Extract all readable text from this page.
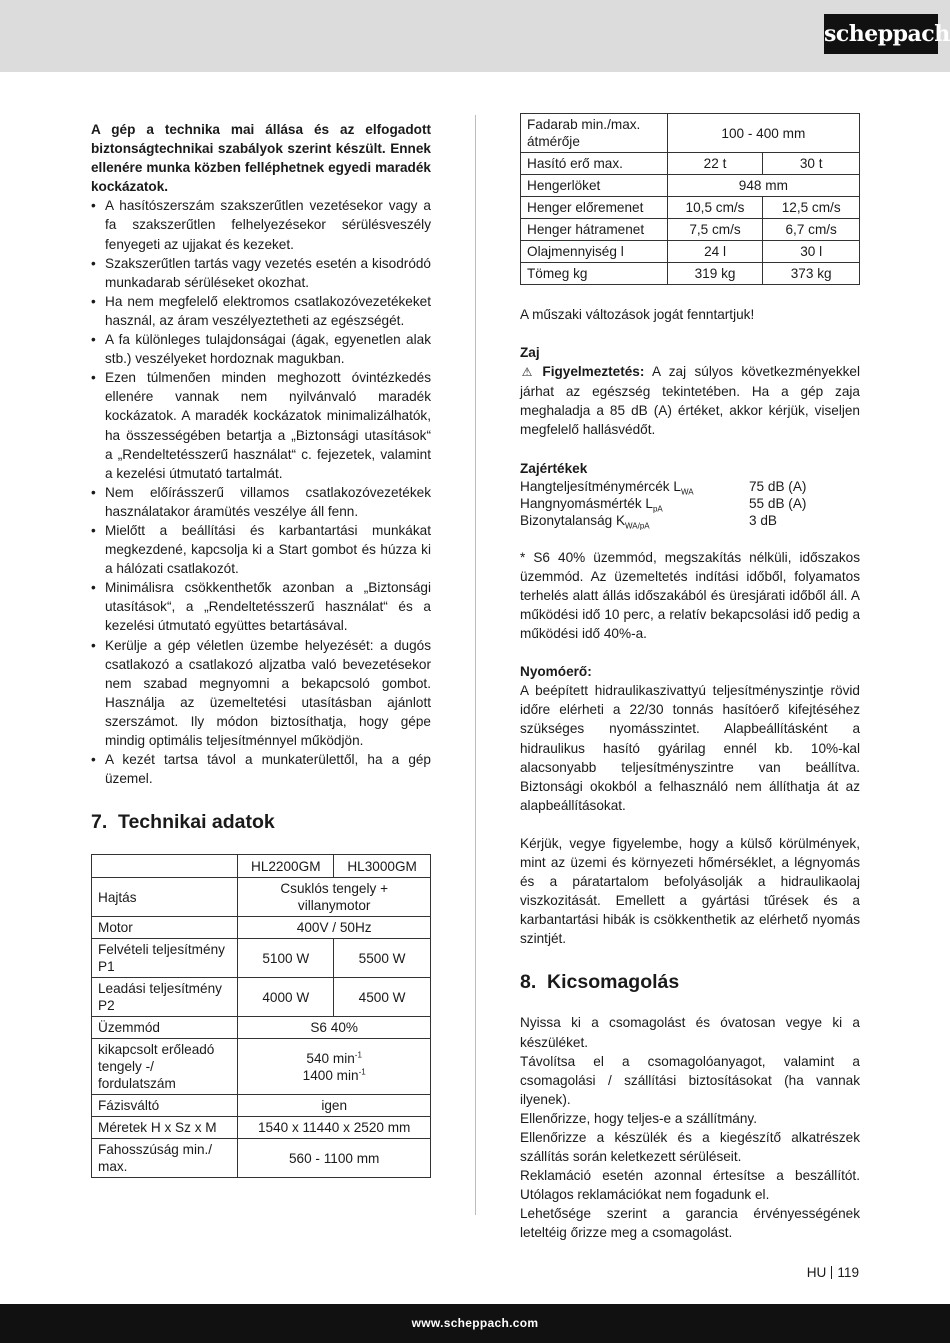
scheppach

A gép a technika mai állása és az elfogadott biztonságtechnikai szabályok szerint készült. Ennek ellenére munka közben felléphetnek egyedi maradék kockázatok.

• A hasítószerszám szakszerűtlen vezetésekor vagy a fa szakszerűtlen felhelyezésekor sérülésveszély fenyegeti az ujjakat és kezeket.
• Szakszerűtlen tartás vagy vezetés esetén a kisodródó munkadarab sérüléseket okozhat.
• Ha nem megfelelő elektromos csatlakozóvezetékeket használ, az áram veszélyeztetheti az egészségét.
• A fa különleges tulajdonságai (ágak, egyenetlen alak stb.) veszélyeket hordoznak magukban.
• Ezen túlmenően minden meghozott óvintézkedés ellenére vannak nem nyilvánvaló maradék kockázatok. A maradék kockázatok minimalizálhatók, ha összességében betartja a „Biztonsági utasítások“ a „Rendeltetésszerű használat“ c. fejezetek, valamint a kezelési útmutató tartalmát.
• Nem előírásszerű villamos csatlakozóvezetékek használatakor áramütés veszélye áll fenn.
• Mielőtt a beállítási és karbantartási munkákat megkezdené, kapcsolja ki a Start gombot és húzza ki a hálózati csatlakozót.
• Minimálisra csökkenthetők azonban a „Biztonsági utasítások“, a „Rendeltetésszerű használat“ és a kezelési útmutató együttes betartásával.
• Kerülje a gép véletlen üzembe helyezését: a dugós csatlakozó a csatlakozó aljzatba való bevezetésekor nem szabad megnyomni a bekapcsoló gombot. Használja az üzemeltetési utasításban ajánlott szerszámot. Ily módon biztosíthatja, hogy gépe mindig optimális teljesítménnyel működjön.
• A kezét tartsa távol a munkaterülettől, ha a gép üzemel.
7. Technikai adatok
	HL2200GM	HL3000GM
Hajtás	Csuklós tengely + villanymotor	
Motor	400V / 50Hz	
Felvételi teljesítmény P1	5100 W	5500 W
Leadási teljesítmény P2	4000 W	4500 W
Üzemmód	S6 40%	
kikapcsolt erőleadó tengely -/ fordulatszám	540 $\min^{-1}$
1400 $\min^{-1}$
Fázisváltó	igen	
Méretek H x Sz x M	1540 x 11440 x 2520 mm	
Fahosszúság min./ max.	560 - 1100 mm	
Fadarab min./max. átmérője	100 - 400 mm	
Hasító erő max.	22 t	30 t
Hengerlöket	948 mm	
Henger előremenet	10,5 cm/s	12,5 cm/s
Henger hátramenet	7,5 cm/s	6,7 cm/s
Olajmennyiség l	24 l	30 l
Tömeg kg	319 kg	373 kg

A műszaki változások jogát fenntartjuk!

Zaj

⚠ Figyelmeztetés: A zaj súlyos következményekkel járhat az egészség tekintetében. Ha a gép zaja meghaladja a 85 dB (A) értéket, akkor kérjük, viseljen megfelelő hallásvédőt.

Zajértékek

Hangteljesítménymércék $L_{WA}$	75 dB (A)
Hangnyomásmérték $L_{pA}$	55 dB (A)
Bizonytalanság $K_{WA/pA}$	3 dB

* S6 40% üzemmód, megszakítás nélküli, időszakos üzemmód. Az üzemeltetés indítási időből, folyamatos terhelés alatt állás időszakából és üresjárati időből áll. A működési idő 10 perc, a relatív bekapcsolási idő pedig a működési idő 40%-a.

Nyomóerő:

A beépített hidraulikaszivattyú teljesítményszintje rövid időre elérheti a 22/30 tonnás hasítóerő kifejtéséhez szükséges nyomásszintet. Alapbeállításként a hidraulikus hasító gyárilag ennél kb. 10%-kal alacsonyabb teljesítményszintre van beállítva. Biztonsági okokból a felhasználó nem állíthatja át az alapbeállításokat.

Kérjük, vegye figyelembe, hogy a külső körülmények, mint az üzemi és környezeti hőmérséklet, a légnyomás és a páratartalom befolyásolják a hidraulikaolaj viszkozitását. Emellett a gyártási tűrések és a karbantartási hibák is csökkenthetik az elérhető nyomás szintjét.

8. Kicsomagolás

Nyissa ki a csomagolást és óvatosan vegye ki a készüléket.

Távolítsa el a csomagolóanyagot, valamint a csomagolási / szállítási biztosításokat (ha vannak ilyenek).

Ellenőrizze, hogy teljes-e a szállítmány.

Ellenőrizze a készülék és a kiegészítő alkatrészek szállítás során keletkezett sérüléseit.

Reklamáció esetén azonnal értesítse a beszállítót. Utólagos reklamációkat nem fogadunk el.

Lehetősége szerint a garancia érvényességének leteltéig őrizze meg a csomagolást.

HU 119
www.scheppach.com
